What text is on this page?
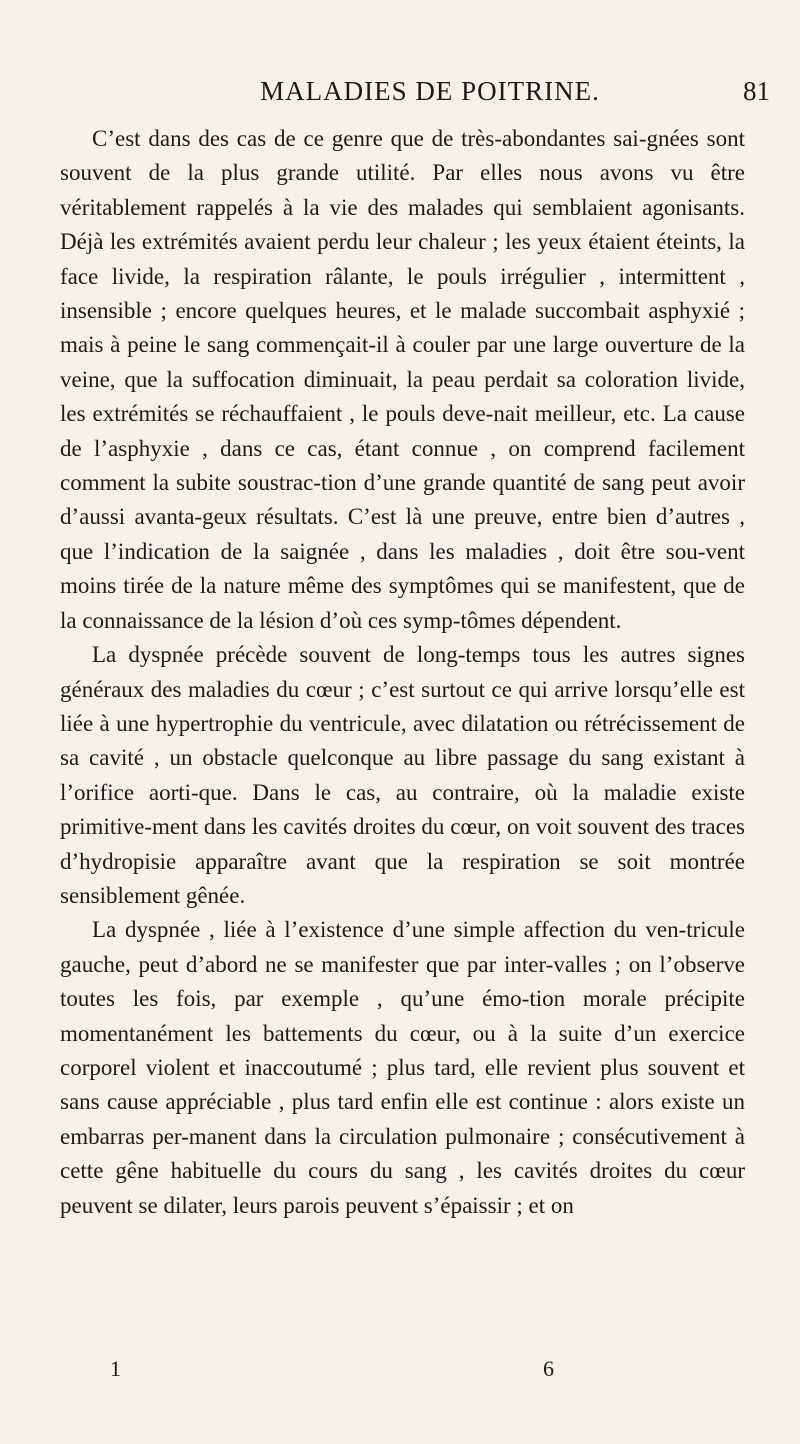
MALADIES DE POITRINE.	81

C’est dans des cas de ce genre que de très-abondantes sai-gnées sont souvent de la plus grande utilité. Par elles nous avons vu être véritablement rappelés à la vie des malades qui semblaient agonisants. Déjà les extrémités avaient perdu leur chaleur ; les yeux étaient éteints, la face livide, la respiration râlante, le pouls irrégulier , intermittent , insensible ; encore quelques heures, et le malade succombait asphyxié ; mais à peine le sang commençait-il à couler par une large ouverture de la veine, que la suffocation diminuait, la peau perdait sa coloration livide, les extrémités se réchauffaient , le pouls deve-nait meilleur, etc. La cause de l’asphyxie , dans ce cas, étant connue , on comprend facilement comment la subite soustrac-tion d’une grande quantité de sang peut avoir d’aussi avanta-geux résultats. C’est là une preuve, entre bien d’autres , que l’indication de la saignée , dans les maladies , doit être sou-vent moins tirée de la nature même des symptômes qui se manifestent, que de la connaissance de la lésion d’où ces symp-tômes dépendent.

La dyspnée précède souvent de long-temps tous les autres signes généraux des maladies du cœur ; c’est surtout ce qui arrive lorsqu’elle est liée à une hypertrophie du ventricule, avec dilatation ou rétrécissement de sa cavité , un obstacle quelconque au libre passage du sang existant à l’orifice aorti-que. Dans le cas, au contraire, où la maladie existe primitive-ment dans les cavités droites du cœur, on voit souvent des traces d’hydropisie apparaître avant que la respiration se soit montrée sensiblement gênée.

La dyspnée , liée à l’existence d’une simple affection du ven-tricule gauche, peut d’abord ne se manifester que par inter-valles ; on l’observe toutes les fois, par exemple , qu’une émo-tion morale précipite momentanément les battements du cœur, ou à la suite d’un exercice corporel violent et inaccoutumé ; plus tard, elle revient plus souvent et sans cause appréciable , plus tard enfin elle est continue : alors existe un embarras per-manent dans la circulation pulmonaire ; consécutivement à cette gêne habituelle du cours du sang , les cavités droites du cœur peuvent se dilater, leurs parois peuvent s’épaissir ; et on

1	6
